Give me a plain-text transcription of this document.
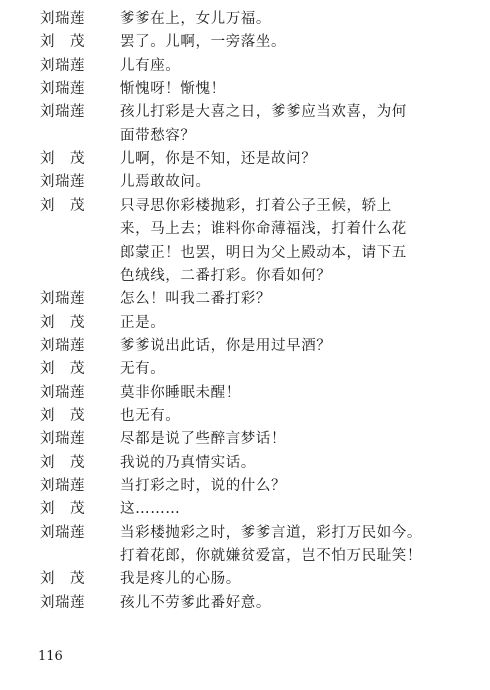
刘瑞莲	爹爹在上，女儿万福。
刘　茂	罢了。儿啊，一旁落坐。
刘瑞莲	儿有座。
刘瑞莲	惭愧呀！惭愧！
刘瑞莲	孩儿打彩是大喜之日，爹爹应当欢喜，为何
面带愁容？
刘　茂	儿啊，你是不知，还是故问？
刘瑞莲	儿焉敢故问。
刘　茂	只寻思你彩楼抛彩，打着公子王候，轿上
来，马上去；谁料你命薄福浅，打着什么花
郎蒙正！也罢，明日为父上殿动本，请下五
色绒线，二番打彩。你看如何？
刘瑞莲	怎么！叫我二番打彩？
刘　茂	正是。
刘瑞莲	爹爹说出此话，你是用过早酒？
刘　茂	无有。
刘瑞莲	莫非你睡眠未醒！
刘　茂	也无有。
刘瑞莲	尽都是说了些醉言梦话！
刘　茂	我说的乃真情实话。
刘瑞莲	当打彩之时，说的什么？
刘　茂	这………
刘瑞莲	当彩楼抛彩之时，爹爹言道，彩打万民如今。
打着花郎，你就嫌贫爱富，岂不怕万民耻笑！
刘　茂	我是疼儿的心肠。
刘瑞莲	孩儿不劳爹此番好意。
116
